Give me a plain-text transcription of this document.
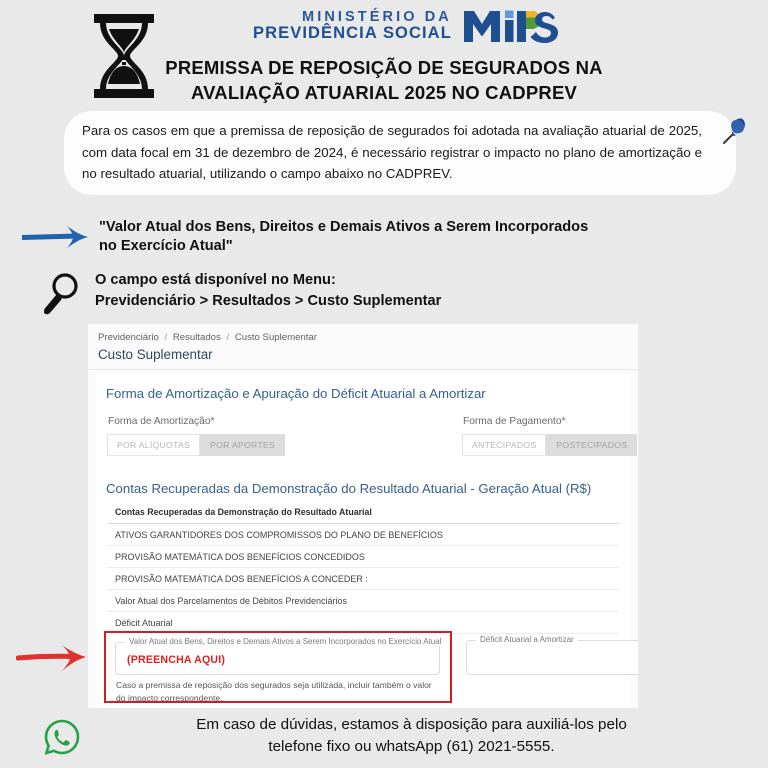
MINISTÉRIO DA
PREVIDÊNCIA SOCIAL
PREMISSA DE REPOSIÇÃO DE SEGURADOS NA
AVALIAÇÃO ATUARIAL 2025 NO CADPREV
Para os casos em que a premissa de reposição de segurados foi adotada na avaliação atuarial de 2025, com data focal em 31 de dezembro de 2024, é necessário registrar o impacto no plano de amortização e no resultado atuarial, utilizando o campo abaixo no CADPREV.
"Valor Atual dos Bens, Direitos e Demais Ativos a Serem Incorporados
no Exercício Atual"
O campo está disponível no Menu:
Previdenciário > Resultados > Custo Suplementar
Previdenciário / Resultados / Custo Suplementar
Custo Suplementar
Forma de Amortização e Apuração do Déficit Atuarial a Amortizar
Forma de Amortização*
POR ALÍQUOTAS	POR APORTES
Forma de Pagamento*
ANTECIPADOS	POSTECIPADOS
Contas Recuperadas da Demonstração do Resultado Atuarial - Geração Atual (R$)
Contas Recuperadas da Demonstração do Resultado Atuarial
ATIVOS GARANTIDORES DOS COMPROMISSOS DO PLANO DE BENEFÍCIOS
PROVISÃO MATEMÁTICA DOS BENEFÍCIOS CONCEDIDOS
PROVISÃO MATEMÁTICA DOS BENEFÍCIOS A CONCEDER :
Valor Atual dos Parcelamentos de Débitos Previdenciários
Déficit Atuarial
Valor Atual dos Bens, Direitos e Demais Ativos a Serem Incorporados no Exercício Atual
(PREENCHA AQUI)
Caso a premissa de reposição dos segurados seja utilizada, incluir também o valor do impacto correspondente.
Déficit Atuarial a Amortizar
Em caso de dúvidas, estamos à disposição para auxiliá-los pelo
telefone fixo ou whatsApp (61) 2021-5555.
